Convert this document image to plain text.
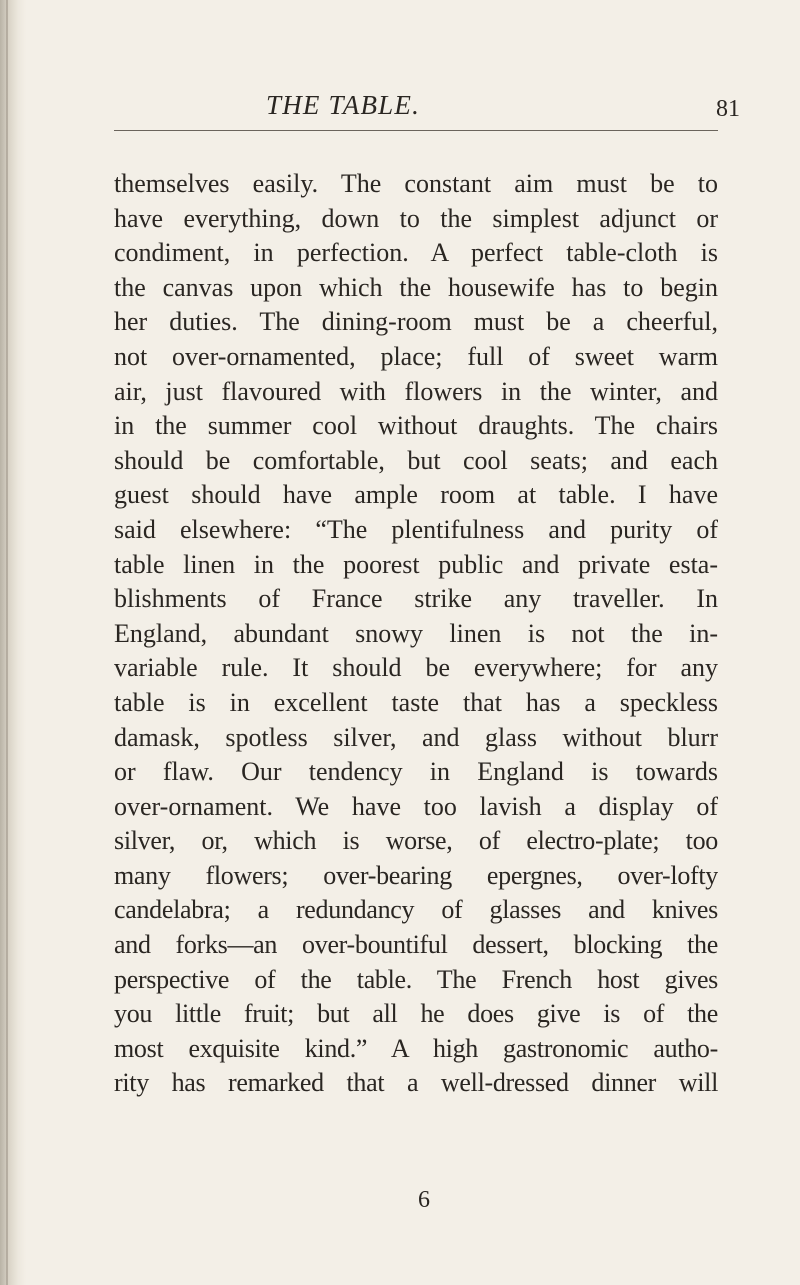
THE TABLE.	81
themselves easily. The constant aim must be to
have everything, down to the simplest adjunct or
condiment, in perfection. A perfect table-cloth is
the canvas upon which the housewife has to begin
her duties. The dining-room must be a cheerful,
not over-ornamented, place; full of sweet warm
air, just flavoured with flowers in the winter, and
in the summer cool without draughts. The chairs
should be comfortable, but cool seats; and each
guest should have ample room at table. I have
said elsewhere: “The plentifulness and purity of
table linen in the poorest public and private esta-
blishments of France strike any traveller. In
England, abundant snowy linen is not the in-
variable rule. It should be everywhere; for any
table is in excellent taste that has a speckless
damask, spotless silver, and glass without blurr
or flaw. Our tendency in England is towards
over-ornament. We have too lavish a display of
silver, or, which is worse, of electro-plate; too
many flowers; over-bearing epergnes, over-lofty
candelabra; a redundancy of glasses and knives
and forks—an over-bountiful dessert, blocking the
perspective of the table. The French host gives
you little fruit; but all he does give is of the
most exquisite kind.” A high gastronomic autho-
rity has remarked that a well-dressed dinner will
6
